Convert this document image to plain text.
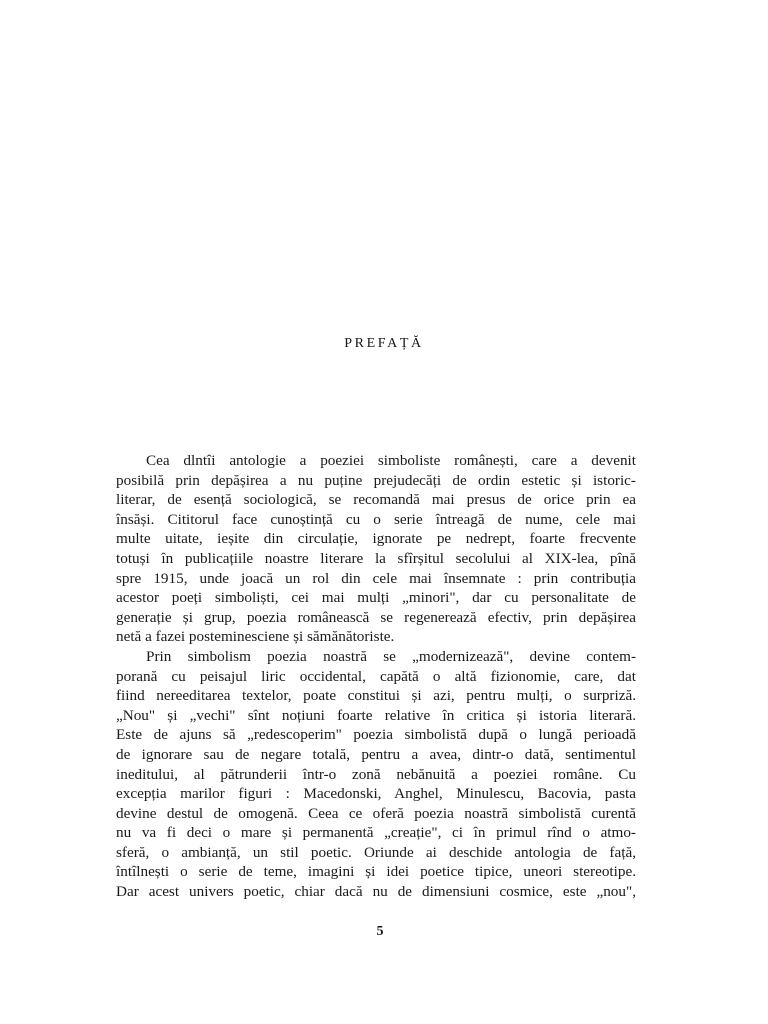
PREFAȚĂ
Cea dlntîi antologie a poeziei simboliste românești, care a devenit
posibilă prin depășirea a nu puține prejudecăți de ordin estetic și istoric-
literar, de esență sociologică, se recomandă mai presus de orice prin ea
însăși. Cititorul face cunoștință cu o serie întreagă de nume, cele mai
multe uitate, ieșite din circulație, ignorate pe nedrept, foarte frecvente
totuși în publicațiile noastre literare la sfîrșitul secolului al XIX-lea, pînă
spre 1915, unde joacă un rol din cele mai însemnate : prin contribuția
acestor poeți simboliști, cei mai mulți „minori", dar cu personalitate de
generație și grup, poezia românească se regenerează efectiv, prin depășirea
netă a fazei posteminesciene și sămănătoriste.
Prin simbolism poezia noastră se „modernizează", devine contem-
porană cu peisajul liric occidental, capătă o altă fizionomie, care, dat
fiind nereeditarea textelor, poate constitui și azi, pentru mulți, o surpriză.
„Nou" și „vechi" sînt noțiuni foarte relative în critica și istoria literară.
Este de ajuns să „redescoperim" poezia simbolistă după o lungă perioadă
de ignorare sau de negare totală, pentru a avea, dintr-o dată, sentimentul
ineditului, al pătrunderii într-o zonă nebănuită a poeziei române. Cu
excepția marilor figuri : Macedonski, Anghel, Minulescu, Bacovia, pasta
devine destul de omogenă. Ceea ce oferă poezia noastră simbolistă curentă
nu va fi deci o mare și permanentă „creație", ci în primul rînd o atmo-
sferă, o ambianță, un stil poetic. Oriunde ai deschide antologia de față,
întîlnești o serie de teme, imagini și idei poetice tipice, uneori stereotipe.
Dar acest univers poetic, chiar dacă nu de dimensiuni cosmice, este „nou",
5
